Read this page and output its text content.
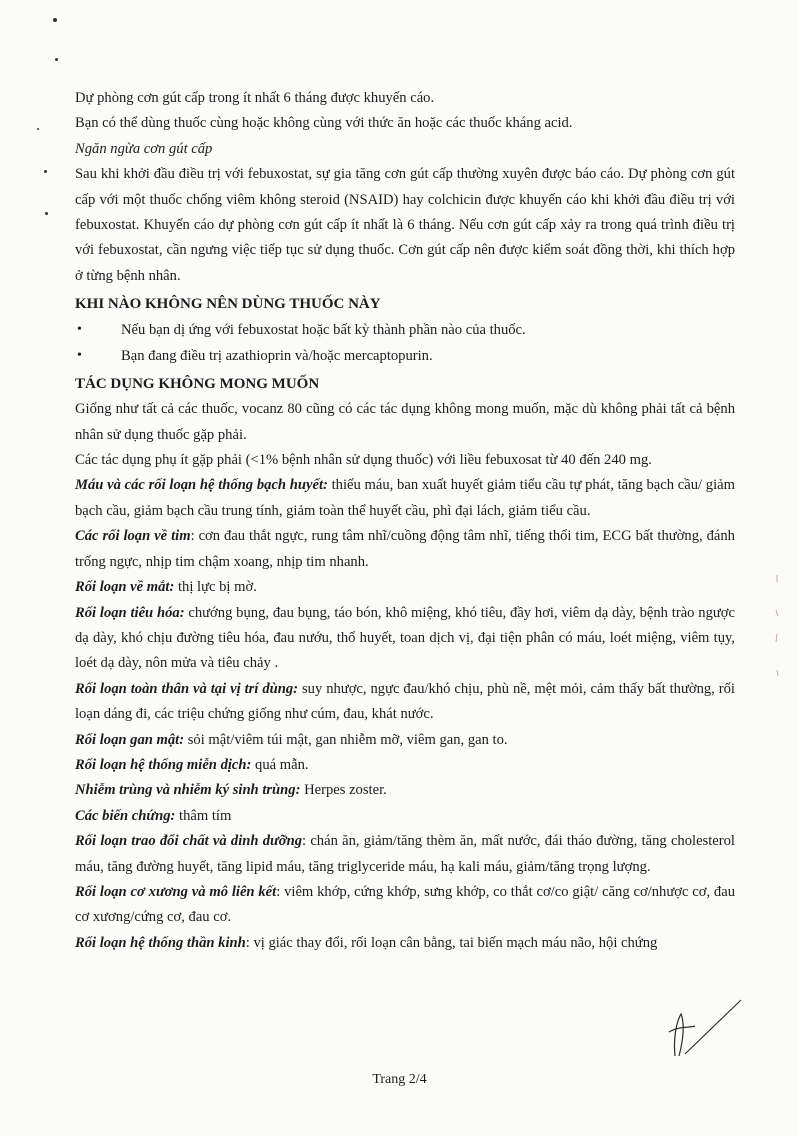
Dự phòng cơn gút cấp trong ít nhất 6 tháng được khuyến cáo.

Bạn có thể dùng thuốc cùng hoặc không cùng với thức ăn hoặc các thuốc kháng acid.

Ngăn ngừa cơn gút cấp

Sau khi khởi đầu điều trị với febuxostat, sự gia tăng cơn gút cấp thường xuyên được báo cáo. Dự phòng cơn gút cấp với một thuốc chống viêm không steroid (NSAID) hay colchicin được khuyến cáo khi khởi đầu điều trị với febuxostat. Khuyến cáo dự phòng cơn gút cấp ít nhất là 6 tháng. Nếu cơn gút cấp xảy ra trong quá trình điều trị với febuxostat, cần ngưng việc tiếp tục sử dụng thuốc. Cơn gút cấp nên được kiểm soát đồng thời, khi thích hợp ở từng bệnh nhân.

KHI NÀO KHÔNG NÊN DÙNG THUỐC NÀY

•	Nếu bạn dị ứng với febuxostat hoặc bất kỳ thành phần nào của thuốc.
•	Bạn đang điều trị azathioprin và/hoặc mercaptopurin.

TÁC DỤNG KHÔNG MONG MUỐN

Giống như tất cả các thuốc, vocanz 80 cũng có các tác dụng không mong muốn, mặc dù không phải tất cả bệnh nhân sử dụng thuốc gặp phải.

Các tác dụng phụ ít gặp phải (<1% bệnh nhân sử dụng thuốc) với liều febuxosat từ 40 đến 240 mg.

Máu và các rối loạn hệ thống bạch huyết: thiếu máu, ban xuất huyết giảm tiểu cầu tự phát, tăng bạch cầu/ giảm bạch cầu, giảm bạch cầu trung tính, giảm toàn thể huyết cầu, phì đại lách, giảm tiểu cầu.

Các rối loạn về tim: cơn đau thắt ngực, rung tâm nhĩ/cuồng động tâm nhĩ, tiếng thổi tim, ECG bất thường, đánh trống ngực, nhịp tim chậm xoang, nhịp tim nhanh.

Rối loạn về mắt: thị lực bị mờ.

Rối loạn tiêu hóa: chướng bụng, đau bụng, táo bón, khô miệng, khó tiêu, đầy hơi, viêm dạ dày, bệnh trào ngược dạ dày, khó chịu đường tiêu hóa, đau nướu, thổ huyết, toan dịch vị, đại tiện phân có máu, loét miệng, viêm tụy, loét dạ dày, nôn mửa và tiêu chảy .

Rối loạn toàn thân và tại vị trí dùng: suy nhược, ngực đau/khó chịu, phù nề, mệt mỏi, cảm thấy bất thường, rối loạn dáng đi, các triệu chứng giống như cúm, đau, khát nước.

Rối loạn gan mật: sỏi mật/viêm túi mật, gan nhiễm mỡ, viêm gan, gan to.

Rối loạn hệ thống miễn dịch: quá mẫn.

Nhiễm trùng và nhiễm ký sinh trùng: Herpes zoster.

Các biến chứng: thâm tím

Rối loạn trao đổi chất và dinh dưỡng: chán ăn, giảm/tăng thèm ăn, mất nước, đái tháo đường, tăng cholesterol máu, tăng đường huyết, tăng lipid máu, tăng triglyceride máu, hạ kali máu, giảm/tăng trọng lượng.

Rối loạn cơ xương và mô liên kết: viêm khớp, cứng khớp, sưng khớp, co thắt cơ/co giật/ căng cơ/nhược cơ, đau cơ xương/cứng cơ, đau cơ.

Rối loạn hệ thống thần kinh: vị giác thay đổi, rối loạn cân bằng, tai biến mạch máu não, hội chứng

Trang 2/4
